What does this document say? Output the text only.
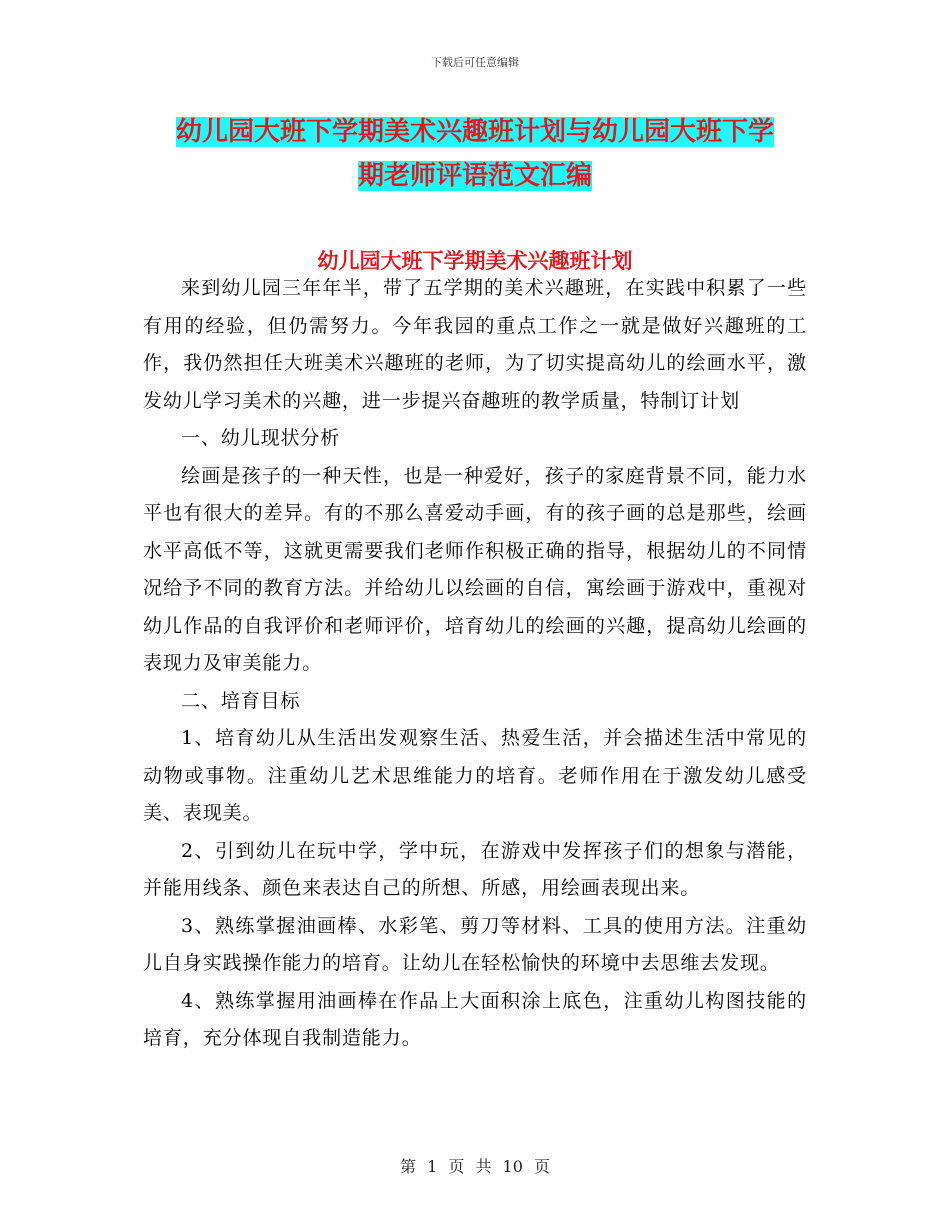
下载后可任意编辑
幼儿园大班下学期美术兴趣班计划与幼儿园大班下学
期老师评语范文汇编
幼儿园大班下学期美术兴趣班计划

来到幼儿园三年年半，带了五学期的美术兴趣班，在实践中积累了一些有用的经验，但仍需努力。今年我园的重点工作之一就是做好兴趣班的工作，我仍然担任大班美术兴趣班的老师，为了切实提高幼儿的绘画水平，激发幼儿学习美术的兴趣，进一步提兴奋趣班的教学质量，特制订计划

一、幼儿现状分析

绘画是孩子的一种天性，也是一种爱好，孩子的家庭背景不同，能力水平也有很大的差异。有的不那么喜爱动手画，有的孩子画的总是那些，绘画水平高低不等，这就更需要我们老师作积极正确的指导，根据幼儿的不同情况给予不同的教育方法。并给幼儿以绘画的自信，寓绘画于游戏中，重视对幼儿作品的自我评价和老师评价，培育幼儿的绘画的兴趣，提高幼儿绘画的表现力及审美能力。

二、培育目标

1、培育幼儿从生活出发观察生活、热爱生活，并会描述生活中常见的动物或事物。注重幼儿艺术思维能力的培育。老师作用在于激发幼儿感受美、表现美。

2、引到幼儿在玩中学，学中玩，在游戏中发挥孩子们的想象与潜能，并能用线条、颜色来表达自己的所想、所感，用绘画表现出来。

3、熟练掌握油画棒、水彩笔、剪刀等材料、工具的使用方法。注重幼儿自身实践操作能力的培育。让幼儿在轻松愉快的环境中去思维去发现。

4、熟练掌握用油画棒在作品上大面积涂上底色，注重幼儿构图技能的培育，充分体现自我制造能力。

第 1 页 共 10 页
